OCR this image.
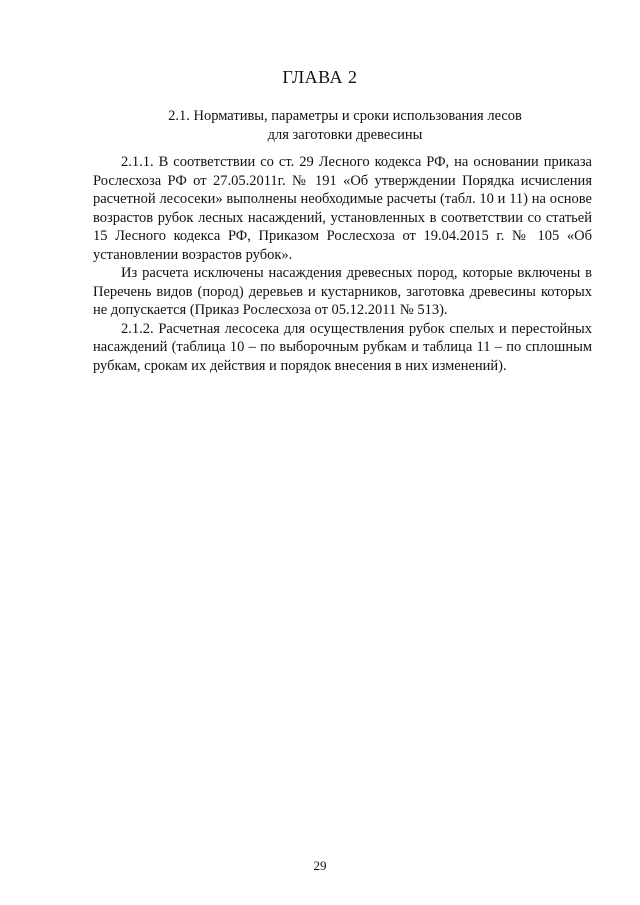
ГЛАВА 2
2.1. Нормативы, параметры и сроки использования лесов
для заготовки древесины

2.1.1. В соответствии со ст. 29 Лесного кодекса РФ, на основании приказа Рослесхоза РФ от 27.05.2011г. № 191 «Об утверждении Порядка исчисления расчетной лесосеки» выполнены необходимые расчеты (табл. 10 и 11) на основе возрастов рубок лесных насаждений, установленных в соответствии со статьей 15 Лесного кодекса РФ, Приказом Рослесхоза от 19.04.2015 г. № 105 «Об установлении возрастов рубок».

Из расчета исключены насаждения древесных пород, которые включены в Перечень видов (пород) деревьев и кустарников, заготовка древесины которых не допускается (Приказ Рослесхоза от 05.12.2011 № 513).

2.1.2. Расчетная лесосека для осуществления рубок спелых и перестойных насаждений (таблица 10 – по выборочным рубкам и таблица 11 – по сплошным рубкам, срокам их действия и порядок внесения в них изменений).

29
